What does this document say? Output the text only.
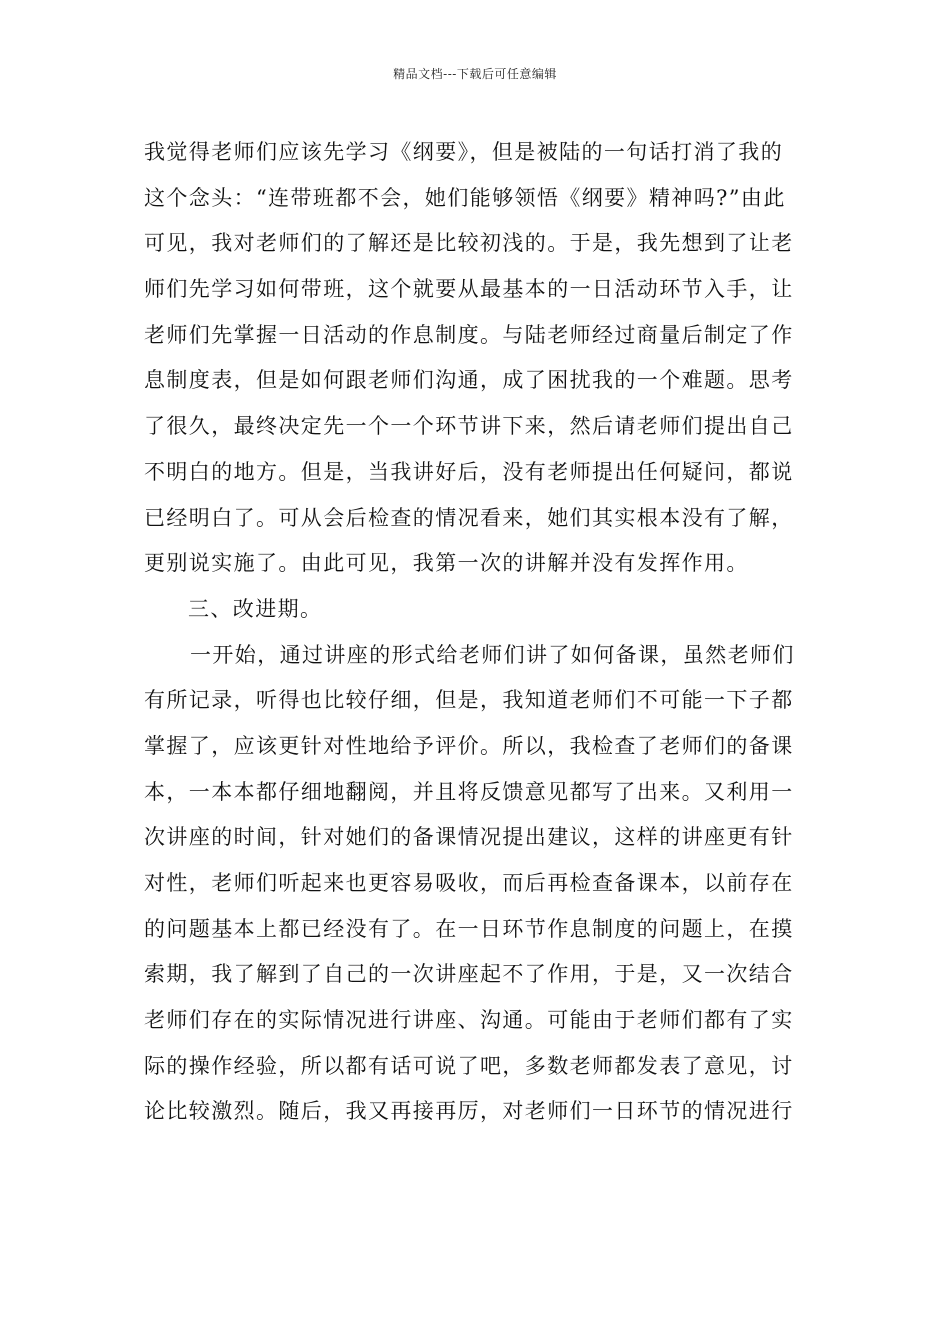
精品文档---下载后可任意编辑
我觉得老师们应该先学习《纲要》，但是被陆的一句话打消了我的
这个念头：“连带班都不会，她们能够领悟《纲要》精神吗?”由此
可见，我对老师们的了解还是比较初浅的。于是，我先想到了让老
师们先学习如何带班，这个就要从最基本的一日活动环节入手，让
老师们先掌握一日活动的作息制度。与陆老师经过商量后制定了作
息制度表，但是如何跟老师们沟通，成了困扰我的一个难题。思考
了很久，最终决定先一个一个环节讲下来，然后请老师们提出自己
不明白的地方。但是，当我讲好后，没有老师提出任何疑问，都说
已经明白了。可从会后检查的情况看来，她们其实根本没有了解，
更别说实施了。由此可见，我第一次的讲解并没有发挥作用。
三、改进期。
一开始，通过讲座的形式给老师们讲了如何备课，虽然老师们
有所记录，听得也比较仔细，但是，我知道老师们不可能一下子都
掌握了，应该更针对性地给予评价。所以，我检查了老师们的备课
本，一本本都仔细地翻阅，并且将反馈意见都写了出来。又利用一
次讲座的时间，针对她们的备课情况提出建议，这样的讲座更有针
对性，老师们听起来也更容易吸收，而后再检查备课本，以前存在
的问题基本上都已经没有了。在一日环节作息制度的问题上，在摸
索期，我了解到了自己的一次讲座起不了作用，于是，又一次结合
老师们存在的实际情况进行讲座、沟通。可能由于老师们都有了实
际的操作经验，所以都有话可说了吧，多数老师都发表了意见，讨
论比较激烈。随后，我又再接再厉，对老师们一日环节的情况进行
